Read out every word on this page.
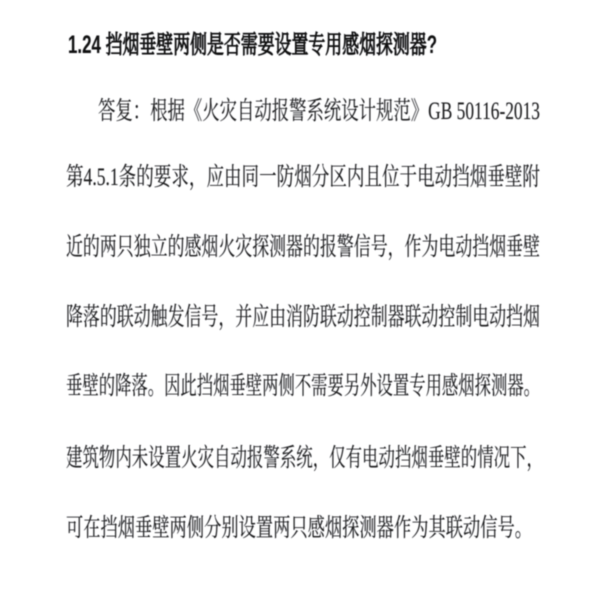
1.24 挡烟垂壁两侧是否需要设置专用感烟探测器?
答复：根据《火灾自动报警系统设计规范》GB 50116-2013
第4.5.1条的要求，应由同一防烟分区内且位于电动挡烟垂壁附
近的两只独立的感烟火灾探测器的报警信号，作为电动挡烟垂壁
降落的联动触发信号，并应由消防联动控制器联动控制电动挡烟
垂壁的降落。因此挡烟垂壁两侧不需要另外设置专用感烟探测器。
建筑物内未设置火灾自动报警系统，仅有电动挡烟垂壁的情况下，
可在挡烟垂壁两侧分别设置两只感烟探测器作为其联动信号。
